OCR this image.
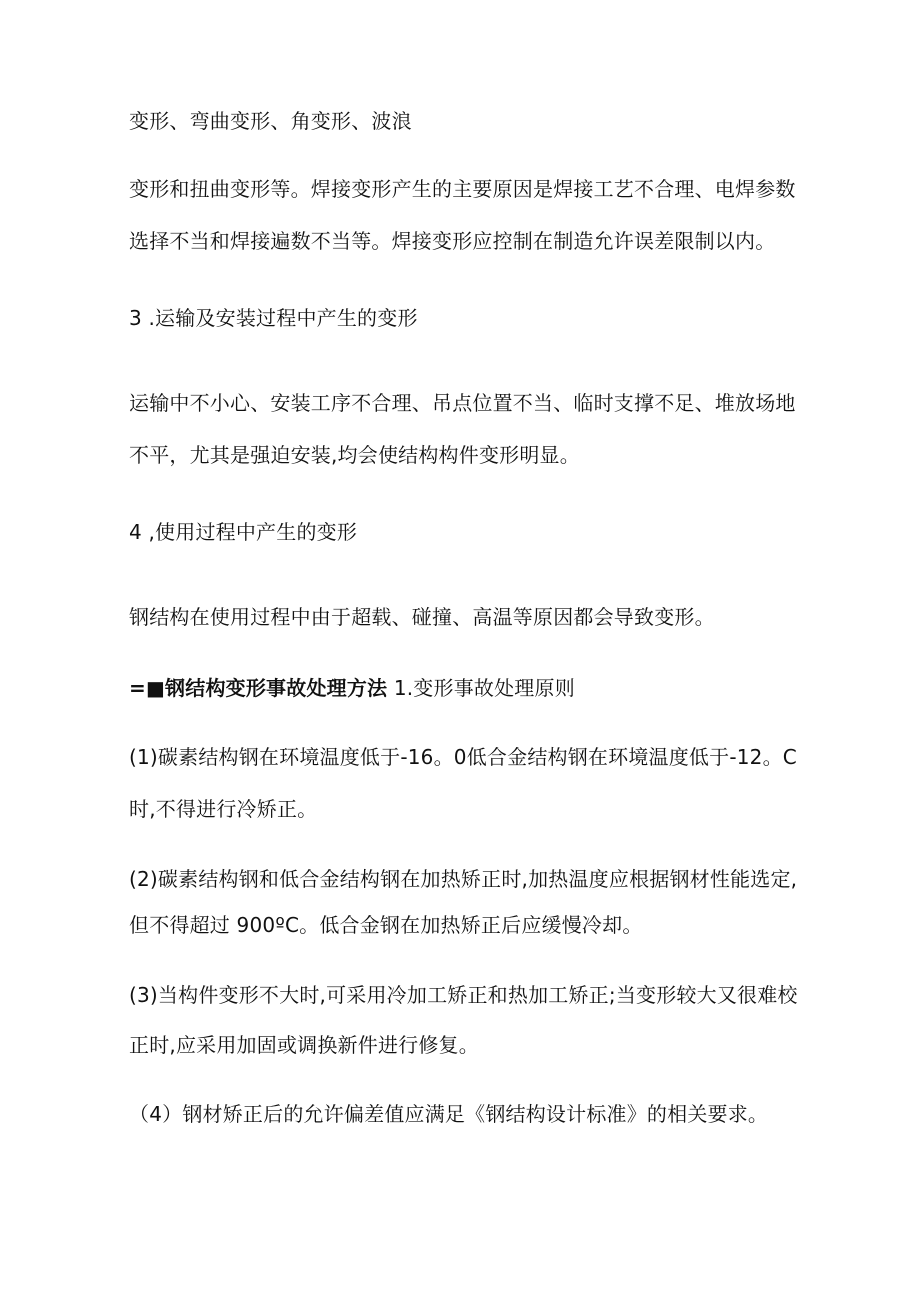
变形、弯曲变形、角变形、波浪
变形和扭曲变形等。焊接变形产生的主要原因是焊接工艺不合理、电焊参数
选择不当和焊接遍数不当等。焊接变形应控制在制造允许误差限制以内。
3 .运输及安装过程中产生的变形
运输中不小心、安装工序不合理、吊点位置不当、临时支撑不足、堆放场地
不平，尤其是强迫安装,均会使结构构件变形明显。
4 ,使用过程中产生的变形
钢结构在使用过程中由于超载、碰撞、高温等原因都会导致变形。
=■钢结构变形事故处理方法 1.变形事故处理原则
(1)碳素结构钢在环境温度低于-16。0低合金结构钢在环境温度低于-12。C
时,不得进行冷矫正。
(2)碳素结构钢和低合金结构钢在加热矫正时,加热温度应根据钢材性能选定,
但不得超过 900ºC。低合金钢在加热矫正后应缓慢冷却。
(3)当构件变形不大时,可采用冷加工矫正和热加工矫正;当变形较大又很难校
正时,应采用加固或调换新件进行修复。
（4）钢材矫正后的允许偏差值应满足《钢结构设计标准》的相关要求。
